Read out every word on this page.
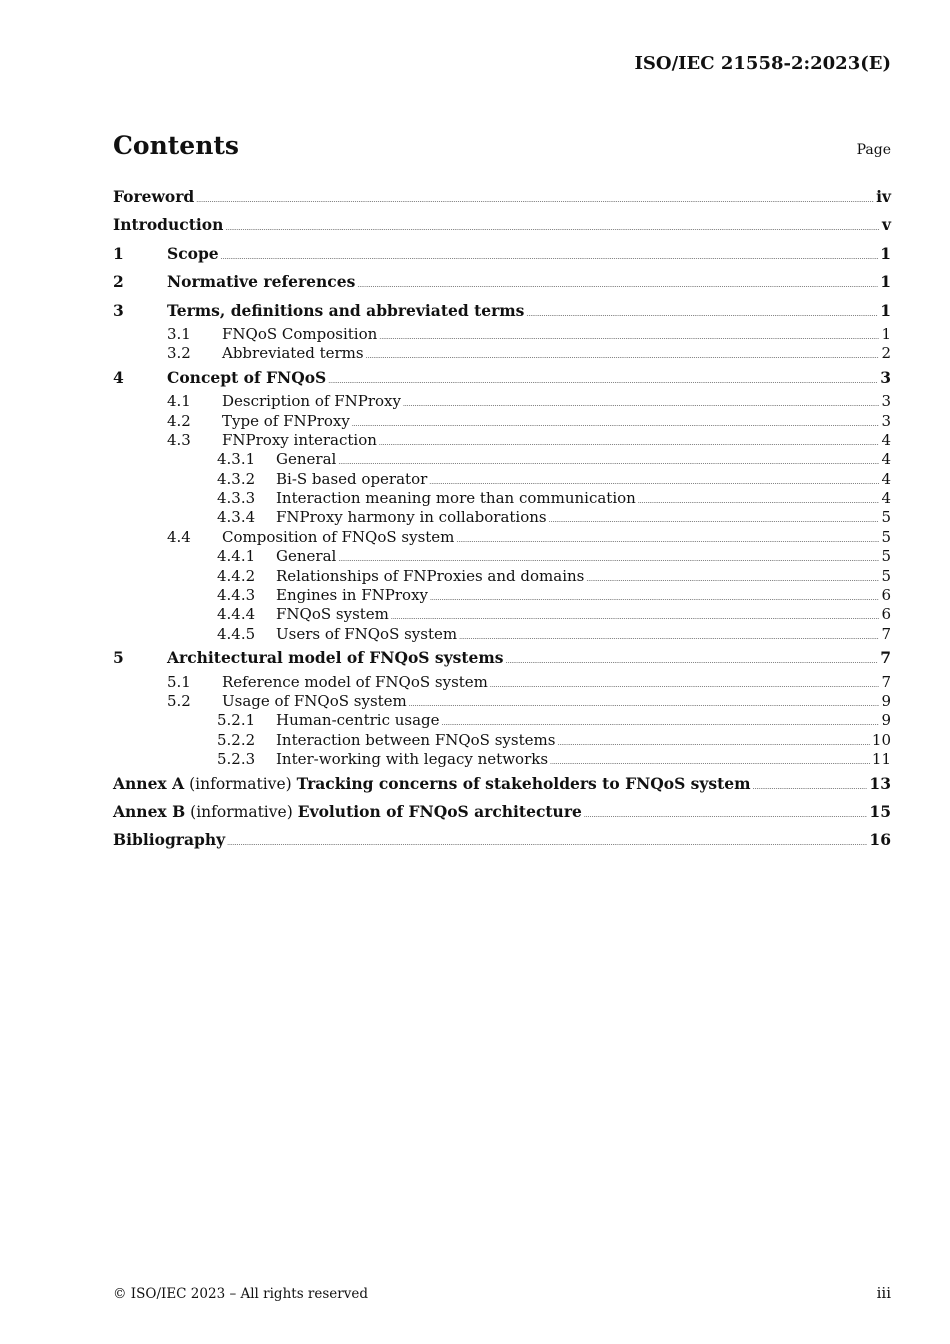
ISO/IEC 21558-2:2023(E)
Contents	Page
Foreword .....	iv
Introduction .....	v
1	Scope .....	1
2	Normative references .....	1
3	Terms, definitions and abbreviated terms .....	1
3.1	FNQoS Composition .....	1
3.2	Abbreviated terms .....	2
4	Concept of FNQoS .....	3
4.1	Description of FNProxy .....	3
4.2	Type of FNProxy .....	3
4.3	FNProxy interaction .....	4
4.3.1	General .....	4
4.3.2	Bi-S based operator .....	4
4.3.3	Interaction meaning more than communication .....	4
4.3.4	FNProxy harmony in collaborations .....	5
4.4	Composition of FNQoS system .....	5
4.4.1	General .....	5
4.4.2	Relationships of FNProxies and domains .....	5
4.4.3	Engines in FNProxy .....	6
4.4.4	FNQoS system .....	6
4.4.5	Users of FNQoS system .....	7
5	Architectural model of FNQoS systems .....	7
5.1	Reference model of FNQoS system .....	7
5.2	Usage of FNQoS system .....	9
5.2.1	Human-centric usage .....	9
5.2.2	Interaction between FNQoS systems .....	10
5.2.3	Inter-working with legacy networks .....	11
Annex A (informative) Tracking concerns of stakeholders to FNQoS system .....	13
Annex B (informative) Evolution of FNQoS architecture .....	15
Bibliography .....	16
© ISO/IEC 2023 – All rights reserved	iii
